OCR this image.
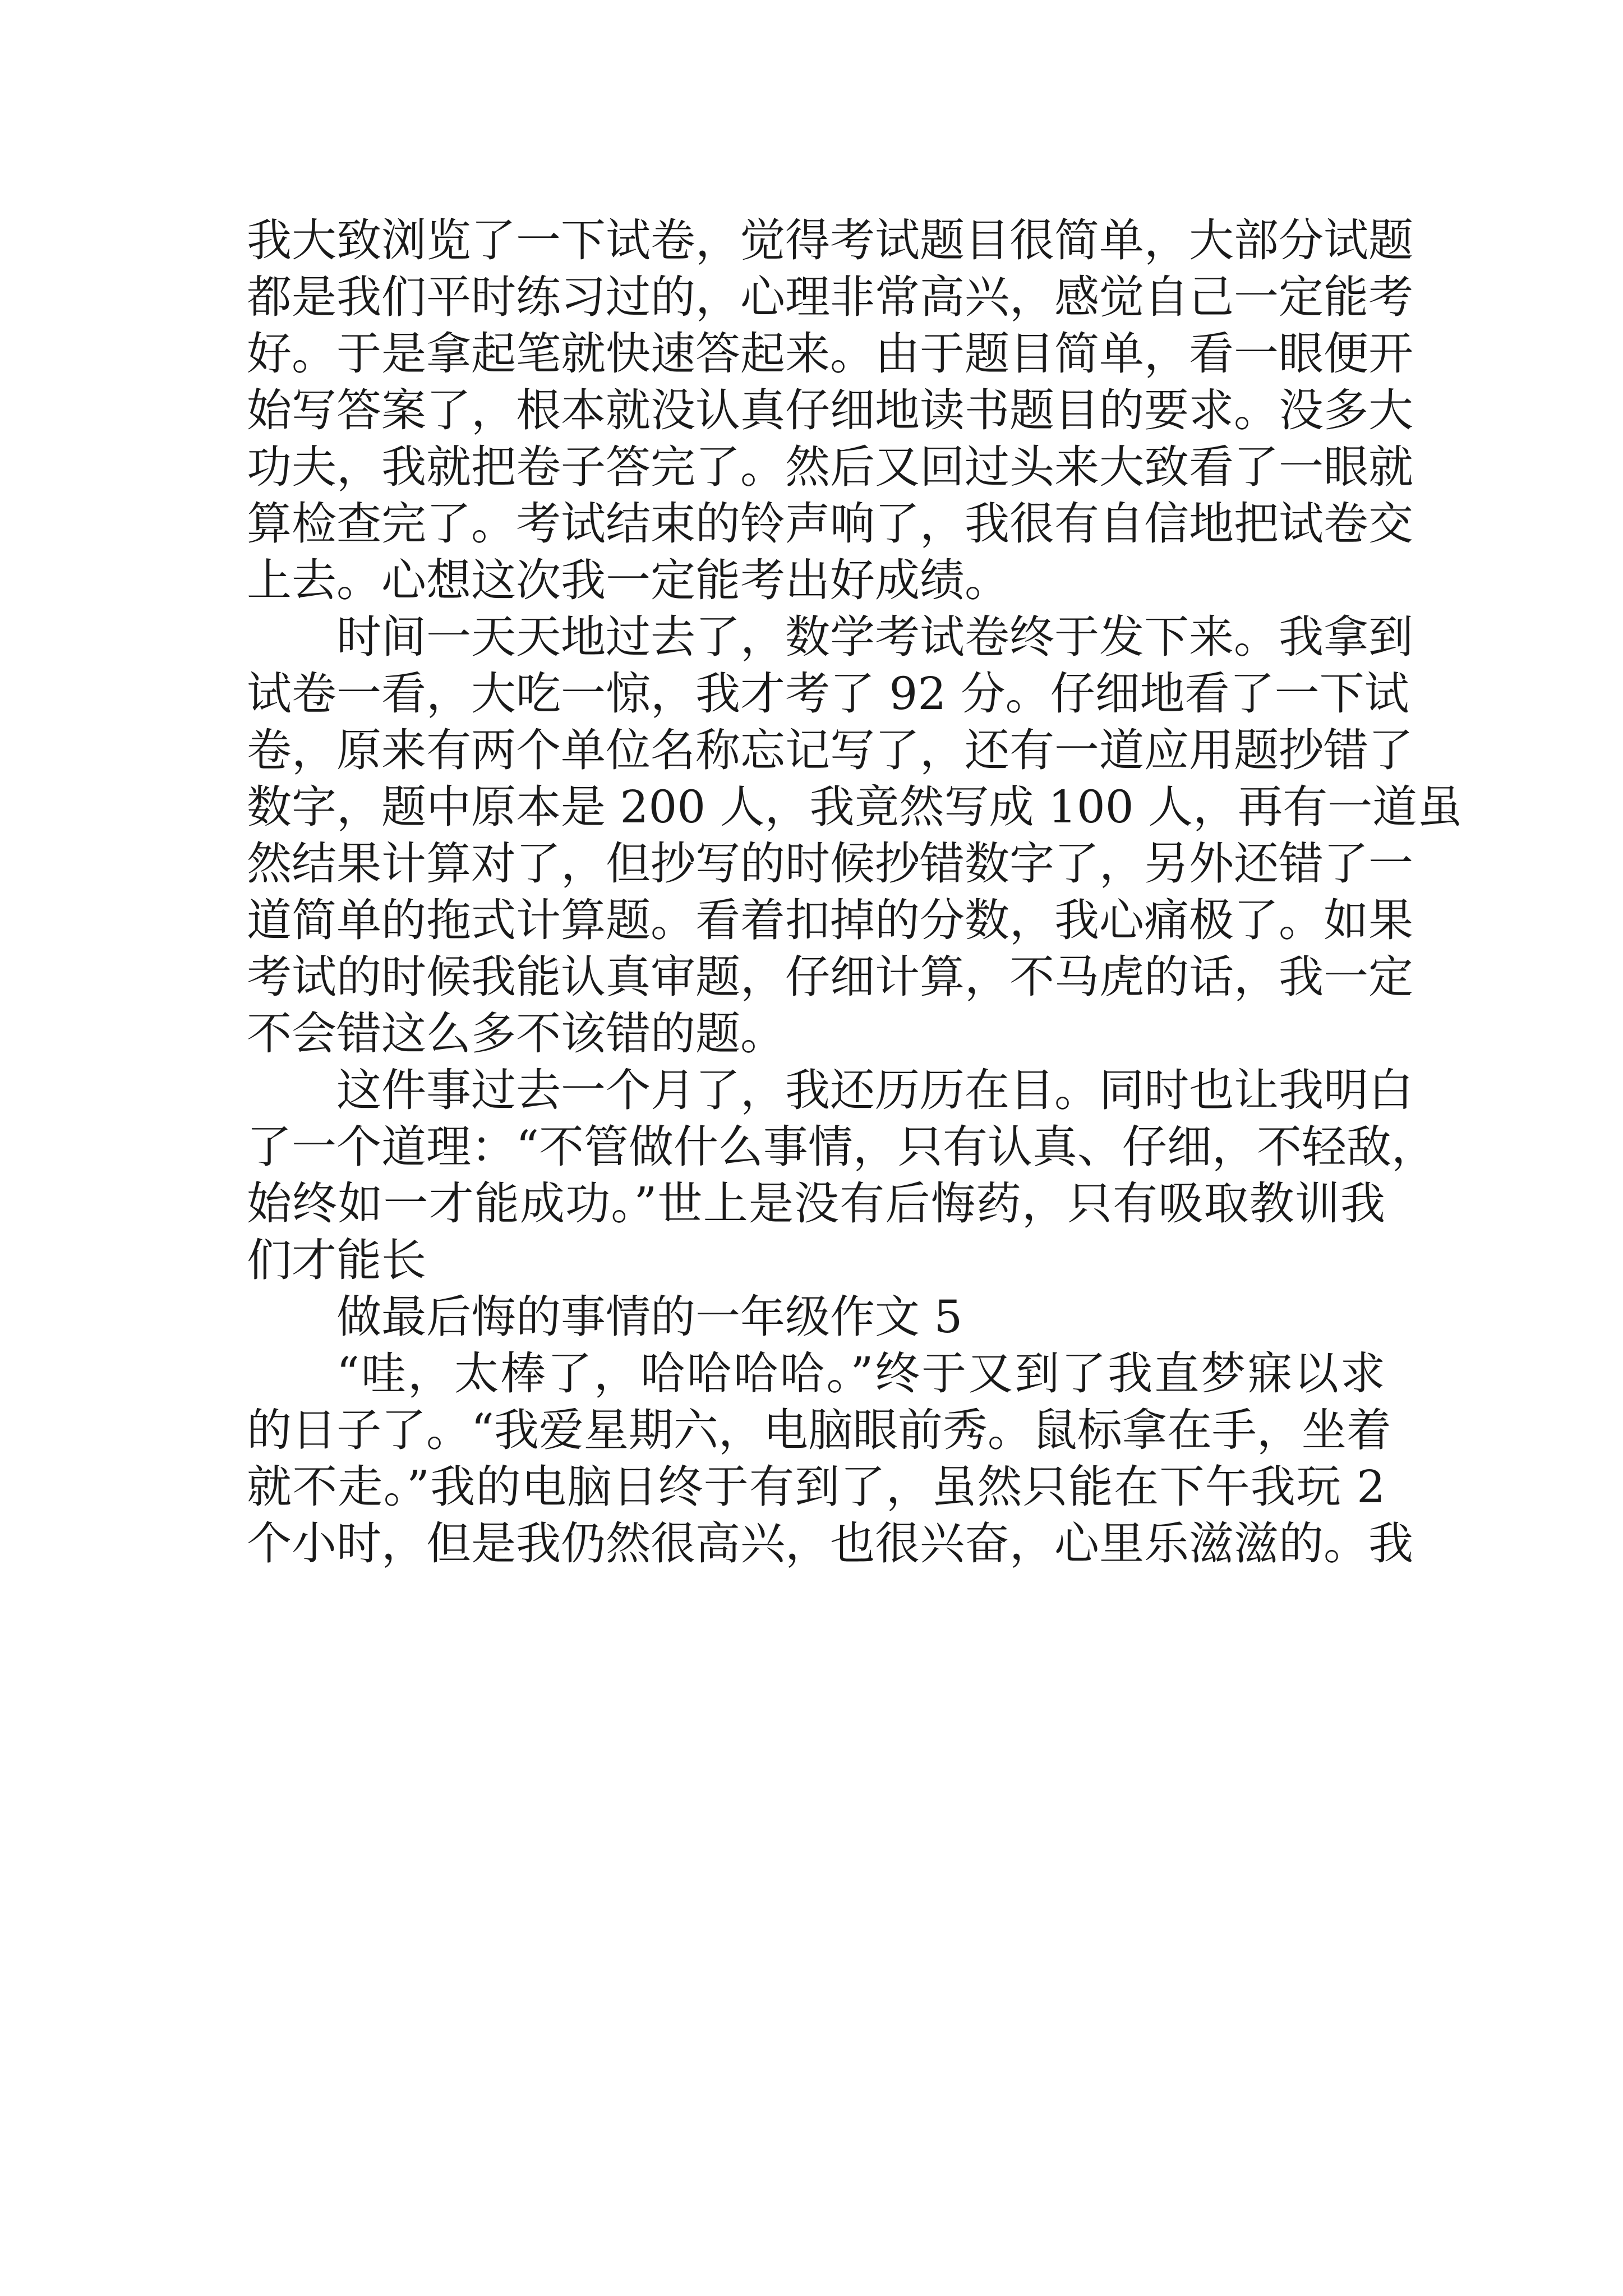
我大致浏览了一下试卷，觉得考试题目很简单，大部分试题
都是我们平时练习过的，心理非常高兴，感觉自己一定能考
好。于是拿起笔就快速答起来。由于题目简单，看一眼便开
始写答案了，根本就没认真仔细地读书题目的要求。没多大
功夫，我就把卷子答完了。然后又回过头来大致看了一眼就
算检查完了。考试结束的铃声响了，我很有自信地把试卷交
上去。心想这次我一定能考出好成绩。
时间一天天地过去了，数学考试卷终于发下来。我拿到
试卷一看，大吃一惊，我才考了 92 分。仔细地看了一下试
卷，原来有两个单位名称忘记写了，还有一道应用题抄错了
数字，题中原本是 200 人，我竟然写成 100 人，再有一道虽
然结果计算对了，但抄写的时候抄错数字了，另外还错了一
道简单的拖式计算题。看着扣掉的分数，我心痛极了。如果
考试的时候我能认真审题，仔细计算，不马虎的话，我一定
不会错这么多不该错的题。
这件事过去一个月了，我还历历在目。同时也让我明白
了一个道理：“不管做什么事情，只有认真、仔细，不轻敌，
始终如一才能成功。”世上是没有后悔药，只有吸取教训我
们才能长
做最后悔的事情的一年级作文 5
“哇，太棒了，哈哈哈哈。”终于又到了我直梦寐以求
的日子了。“我爱星期六，电脑眼前秀。鼠标拿在手，坐着
就不走。”我的电脑日终于有到了，虽然只能在下午我玩 2
个小时，但是我仍然很高兴，也很兴奋，心里乐滋滋的。我
